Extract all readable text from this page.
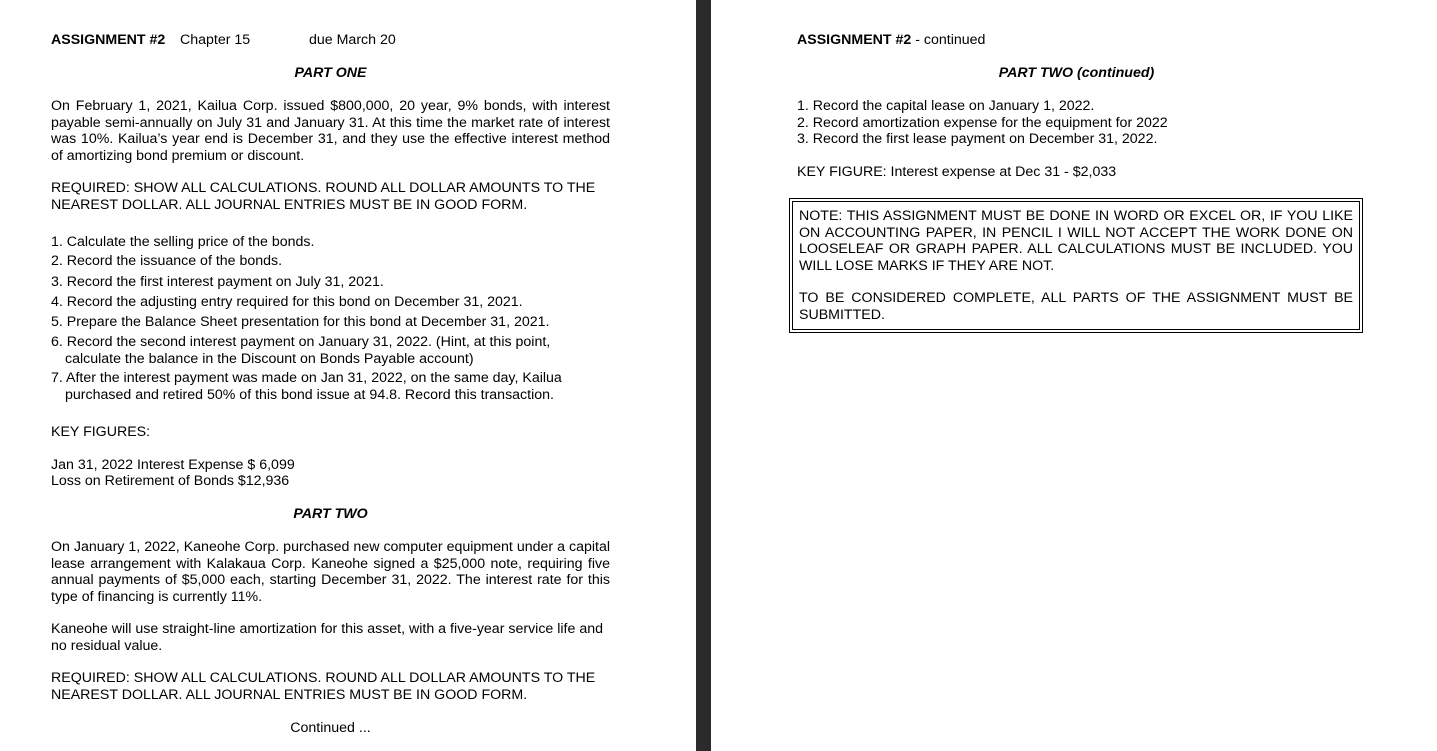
ASSIGNMENT #2 Chapter 15	due March 20
PART ONE
On February 1, 2021, Kailua Corp. issued $800,000, 20 year, 9% bonds, with interest payable semi-annually on July 31 and January 31. At this time the market rate of interest was 10%. Kailua’s year end is December 31, and they use the effective interest method of amortizing bond premium or discount.
REQUIRED: SHOW ALL CALCULATIONS. ROUND ALL DOLLAR AMOUNTS TO THE NEAREST DOLLAR. ALL JOURNAL ENTRIES MUST BE IN GOOD FORM.
1. Calculate the selling price of the bonds.
2. Record the issuance of the bonds.
3. Record the first interest payment on July 31, 2021.
4. Record the adjusting entry required for this bond on December 31, 2021.
5. Prepare the Balance Sheet presentation for this bond at December 31, 2021.
6. Record the second interest payment on January 31, 2022. (Hint, at this point,
calculate the balance in the Discount on Bonds Payable account)
7. After the interest payment was made on Jan 31, 2022, on the same day, Kailua
purchased and retired 50% of this bond issue at 94.8. Record this transaction.
KEY FIGURES:
Jan 31, 2022 Interest Expense $ 6,099
Loss on Retirement of Bonds $12,936
PART TWO
On January 1, 2022, Kaneohe Corp. purchased new computer equipment under a capital lease arrangement with Kalakaua Corp. Kaneohe signed a $25,000 note, requiring five annual payments of $5,000 each, starting December 31, 2022. The interest rate for this type of financing is currently 11%.
Kaneohe will use straight-line amortization for this asset, with a five-year service life and no residual value.
REQUIRED: SHOW ALL CALCULATIONS. ROUND ALL DOLLAR AMOUNTS TO THE NEAREST DOLLAR. ALL JOURNAL ENTRIES MUST BE IN GOOD FORM.
Continued ...
ASSIGNMENT #2 - continued
PART TWO (continued)
1. Record the capital lease on January 1, 2022.
2. Record amortization expense for the equipment for 2022
3. Record the first lease payment on December 31, 2022.
KEY FIGURE: Interest expense at Dec 31 - $2,033
NOTE: THIS ASSIGNMENT MUST BE DONE IN WORD OR EXCEL OR, IF YOU LIKE ON ACCOUNTING PAPER, IN PENCIL I WILL NOT ACCEPT THE WORK DONE ON LOOSELEAF OR GRAPH PAPER. ALL CALCULATIONS MUST BE INCLUDED. YOU WILL LOSE MARKS IF THEY ARE NOT.
TO BE CONSIDERED COMPLETE, ALL PARTS OF THE ASSIGNMENT MUST BE SUBMITTED.
